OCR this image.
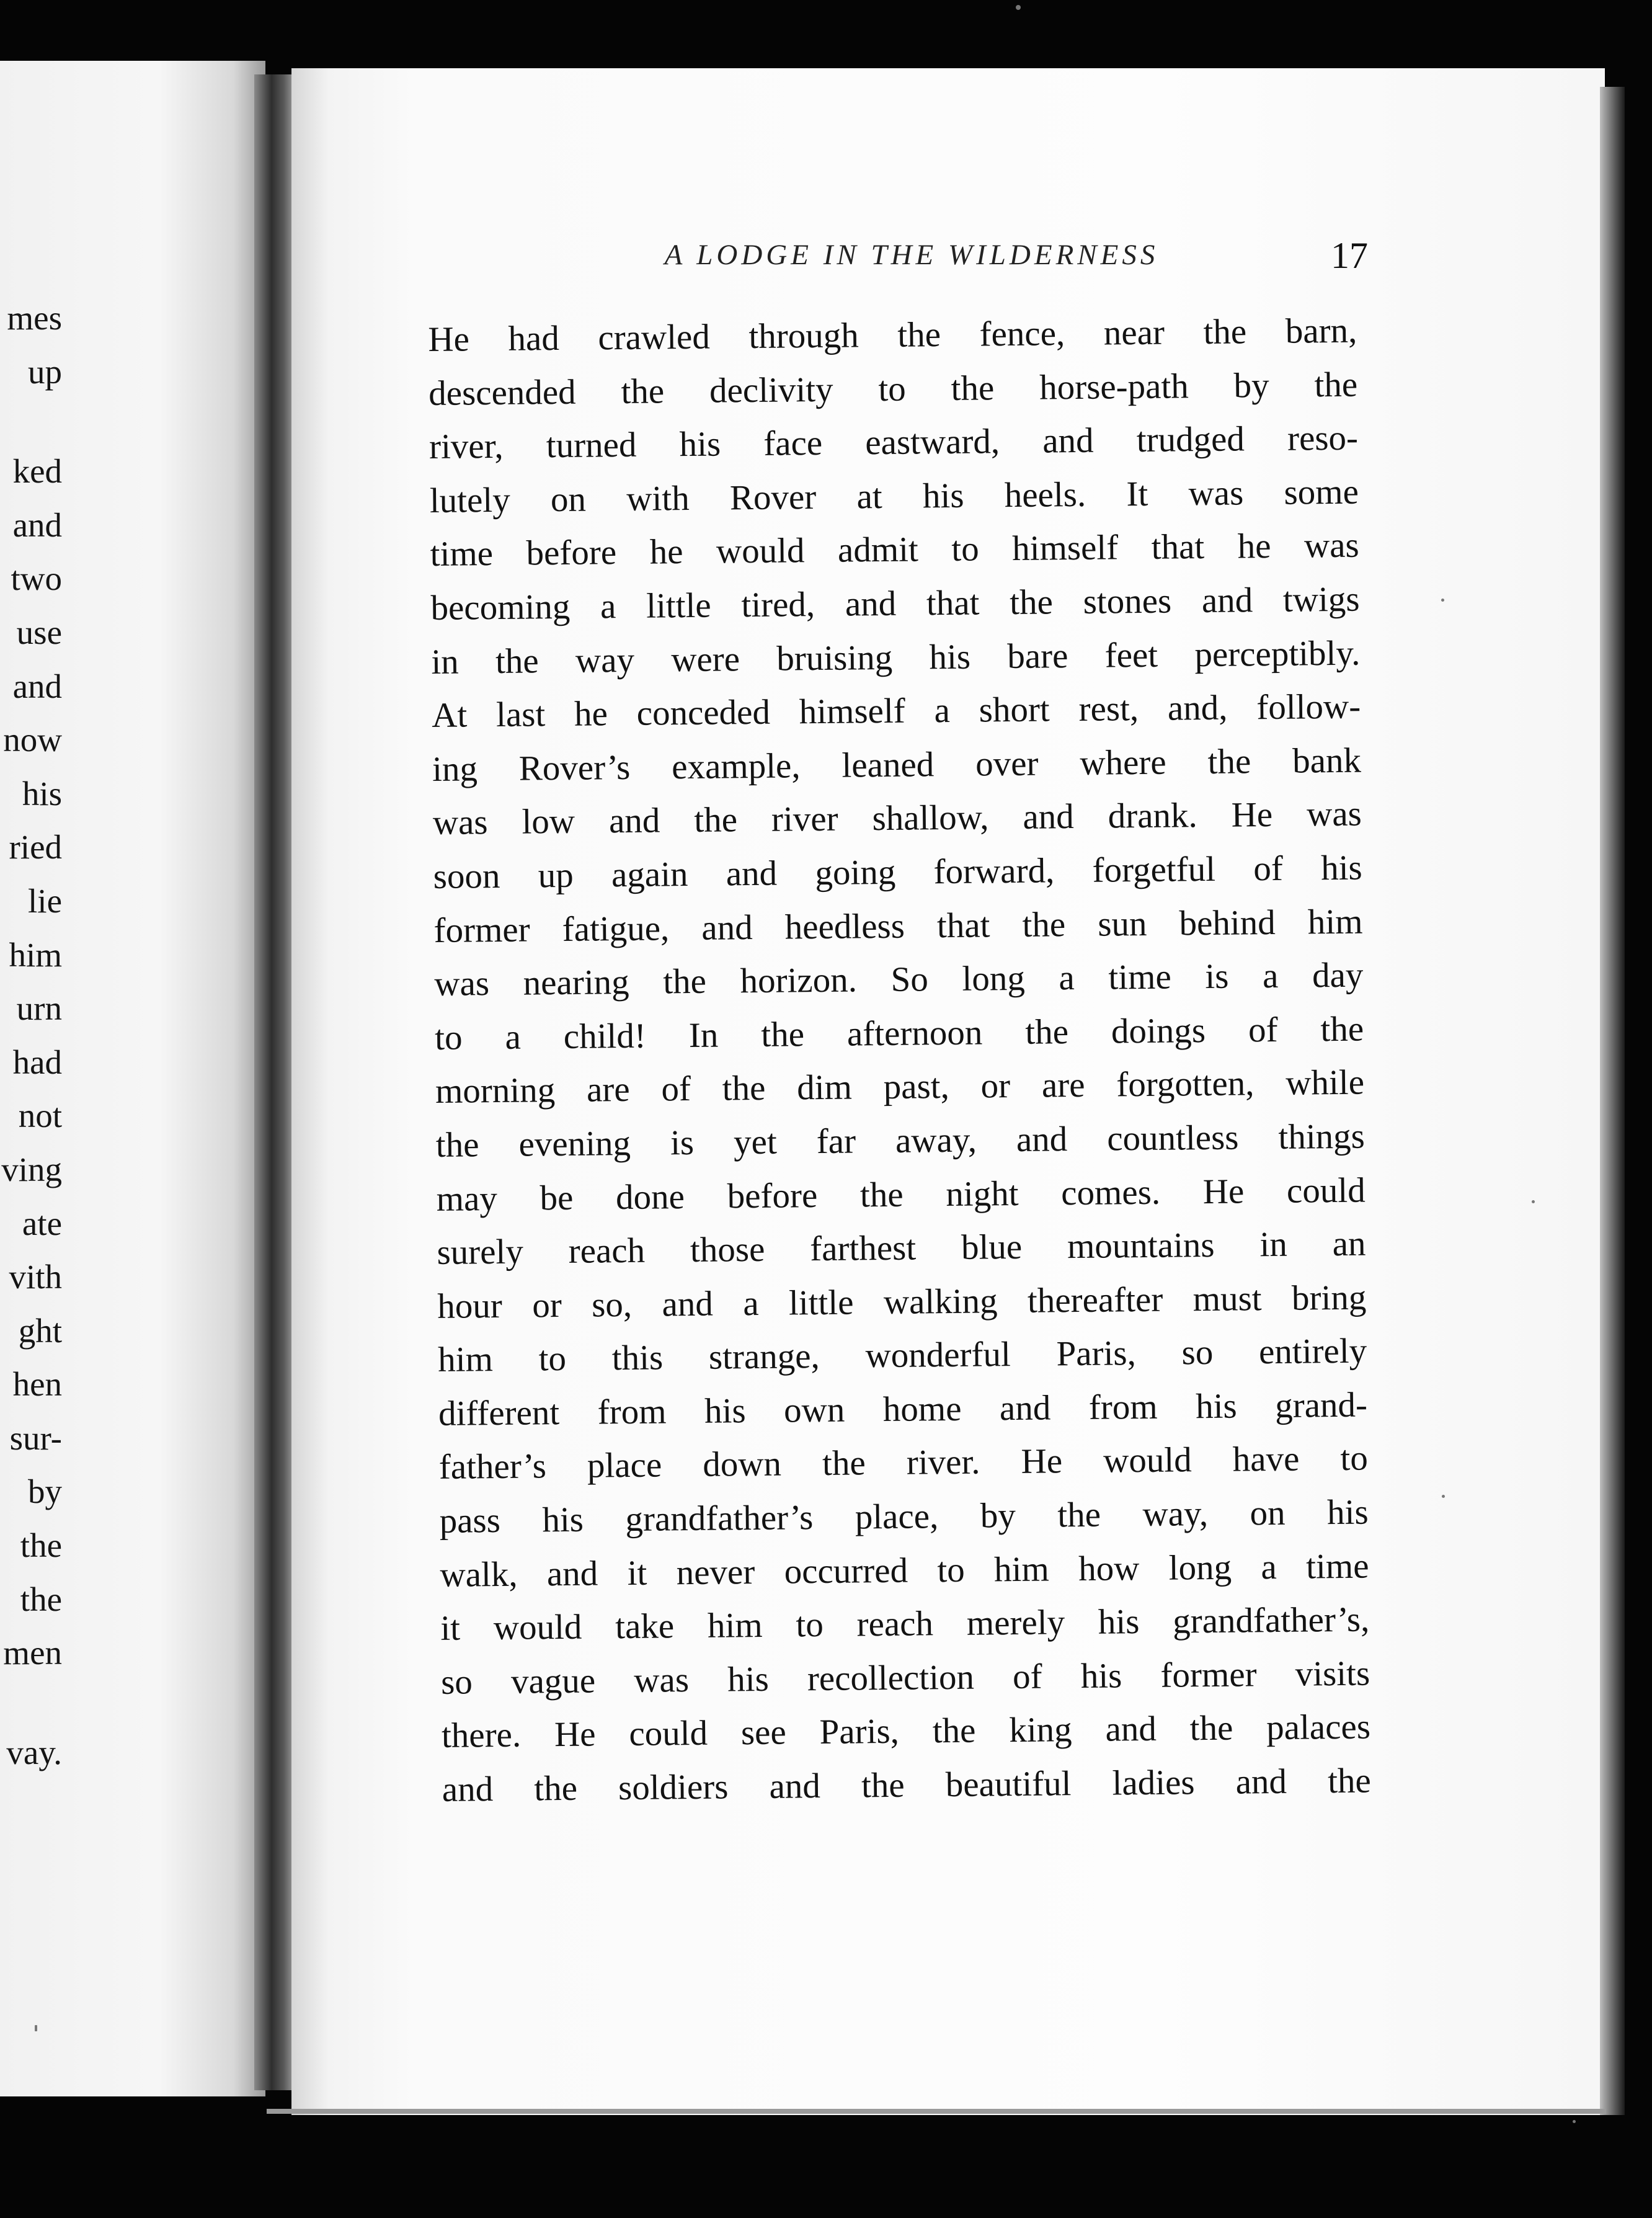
mes
up
ked
and
two
use
and
now
his
ried
lie
him
urn
had
not
ving
ate
vith
ght
hen
sur-
by
the
the
men
vay.
A LODGE IN THE WILDERNESS	17
He had crawled through the fence, near the barn,
descended the declivity to the horse-path by the
river, turned his face eastward, and trudged reso-
lutely on with Rover at his heels. It was some
time before he would admit to himself that he was
becoming a little tired, and that the stones and twigs
in the way were bruising his bare feet perceptibly.
At last he conceded himself a short rest, and, follow-
ing Rover’s example, leaned over where the bank
was low and the river shallow, and drank. He was
soon up again and going forward, forgetful of his
former fatigue, and heedless that the sun behind him
was nearing the horizon. So long a time is a day
to a child! In the afternoon the doings of the
morning are of the dim past, or are forgotten, while
the evening is yet far away, and countless things
may be done before the night comes. He could
surely reach those farthest blue mountains in an
hour or so, and a little walking thereafter must bring
him to this strange, wonderful Paris, so entirely
different from his own home and from his grand-
father’s place down the river. He would have to
pass his grandfather’s place, by the way, on his
walk, and it never occurred to him how long a time
it would take him to reach merely his grandfather’s,
so vague was his recollection of his former visits
there. He could see Paris, the king and the palaces
and the soldiers and the beautiful ladies and the
